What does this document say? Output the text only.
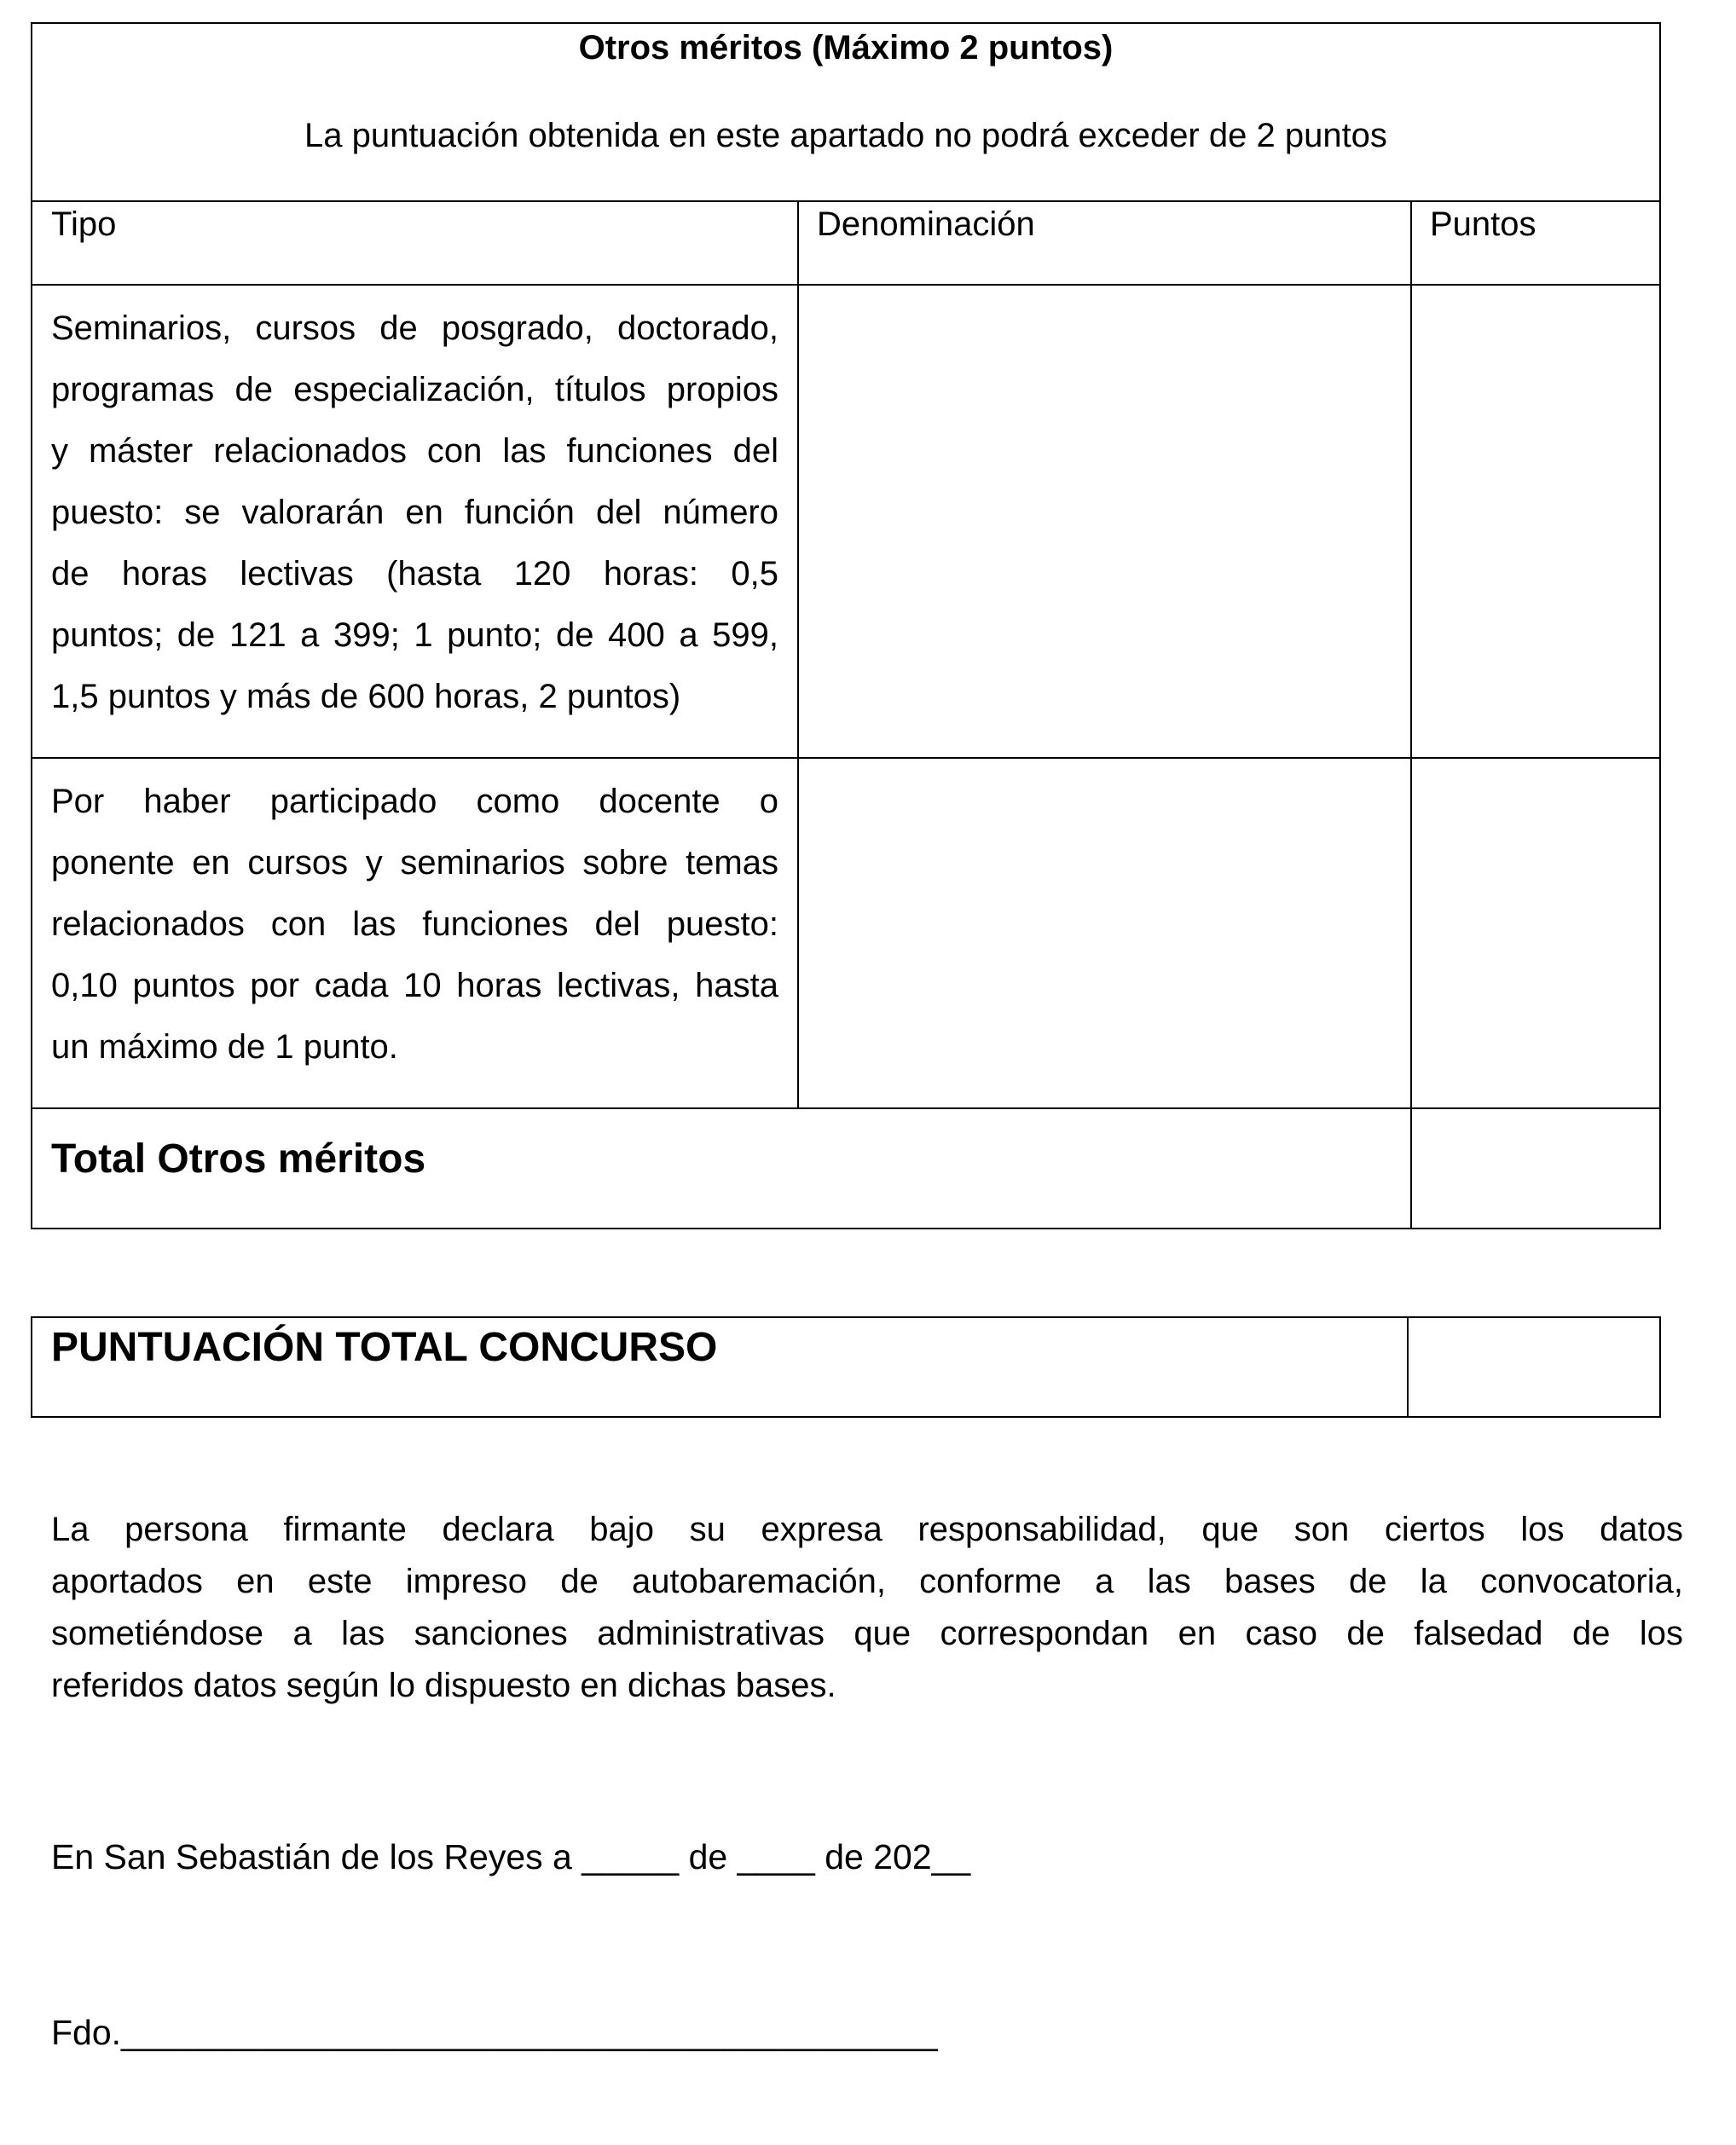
Otros méritos (Máximo 2 puntos)
La puntuación obtenida en este apartado no podrá exceder de 2 puntos
Tipo	Denominación	Puntos
Seminarios, cursos de posgrado, doctorado,
programas de especialización, títulos propios
y máster relacionados con las funciones del
puesto: se valorarán en función del número
de horas lectivas (hasta 120 horas: 0,5
puntos; de 121 a 399; 1 punto; de 400 a 599,
1,5 puntos y más de 600 horas, 2 puntos)
Por haber participado como docente o
ponente en cursos y seminarios sobre temas
relacionados con las funciones del puesto:
0,10 puntos por cada 10 horas lectivas, hasta
un máximo de 1 punto.
Total Otros méritos
PUNTUACIÓN TOTAL CONCURSO
La persona firmante declara bajo su expresa responsabilidad, que son ciertos los datos
aportados en este impreso de autobaremación, conforme a las bases de la convocatoria,
sometiéndose a las sanciones administrativas que correspondan en caso de falsedad de los
referidos datos según lo dispuesto en dichas bases.
En San Sebastián de los Reyes a _____ de ____ de 202__
Fdo.__________________________________________
